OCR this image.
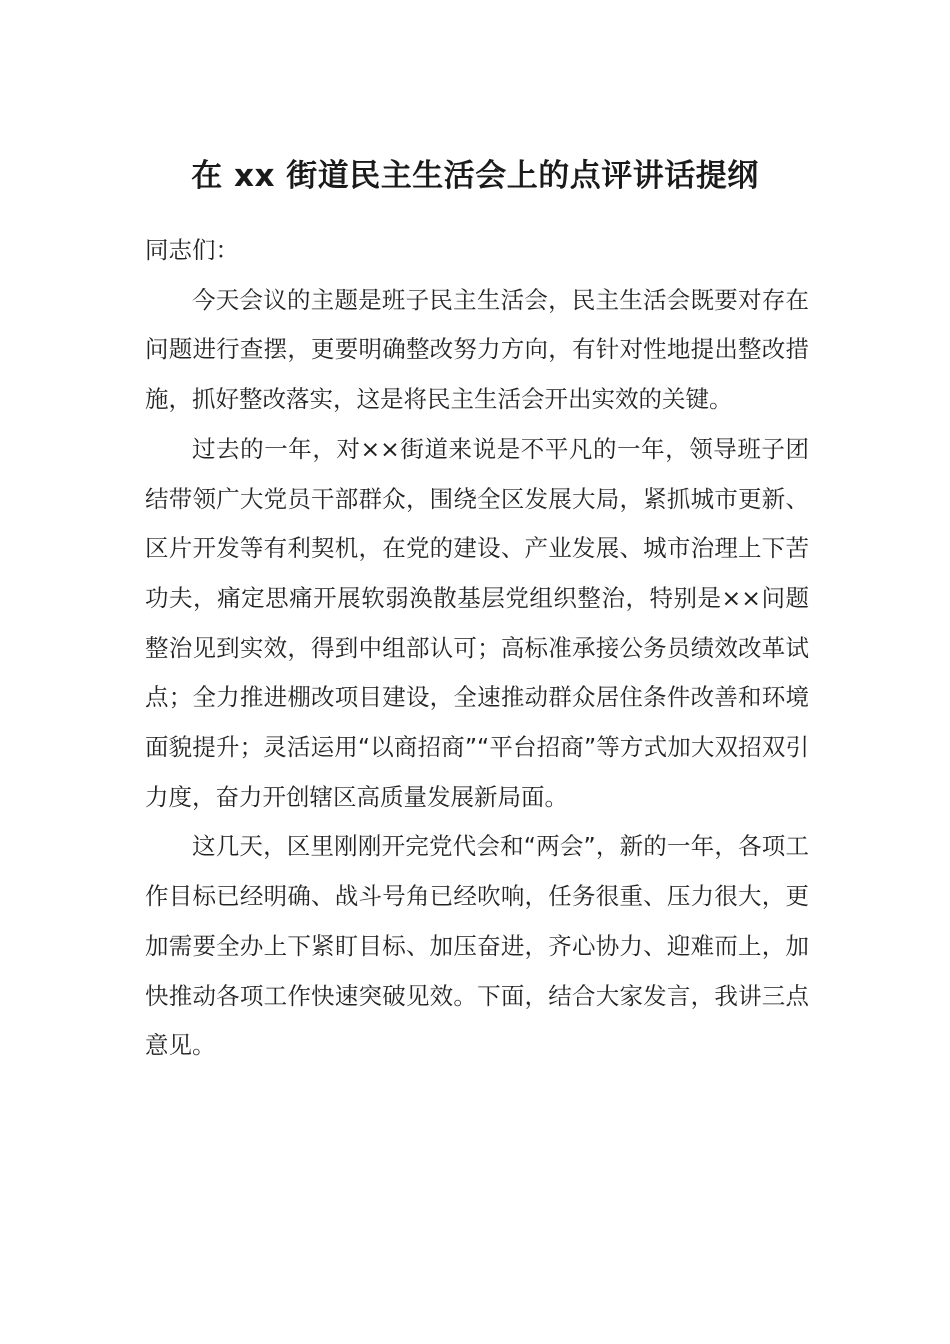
在 xx 街道民主生活会上的点评讲话提纲

同志们：

今天会议的主题是班子民主生活会，民主生活会既要对存在问题进行查摆，更要明确整改努力方向，有针对性地提出整改措施，抓好整改落实，这是将民主生活会开出实效的关键。

过去的一年，对××街道来说是不平凡的一年，领导班子团结带领广大党员干部群众，围绕全区发展大局，紧抓城市更新、区片开发等有利契机，在党的建设、产业发展、城市治理上下苦功夫，痛定思痛开展软弱涣散基层党组织整治，特别是××问题整治见到实效，得到中组部认可；高标准承接公务员绩效改革试点；全力推进棚改项目建设，全速推动群众居住条件改善和环境面貌提升；灵活运用“以商招商”“平台招商”等方式加大双招双引力度，奋力开创辖区高质量发展新局面。

这几天，区里刚刚开完党代会和“两会”，新的一年，各项工作目标已经明确、战斗号角已经吹响，任务很重、压力很大，更加需要全办上下紧盯目标、加压奋进，齐心协力、迎难而上，加快推动各项工作快速突破见效。下面，结合大家发言，我讲三点意见。
